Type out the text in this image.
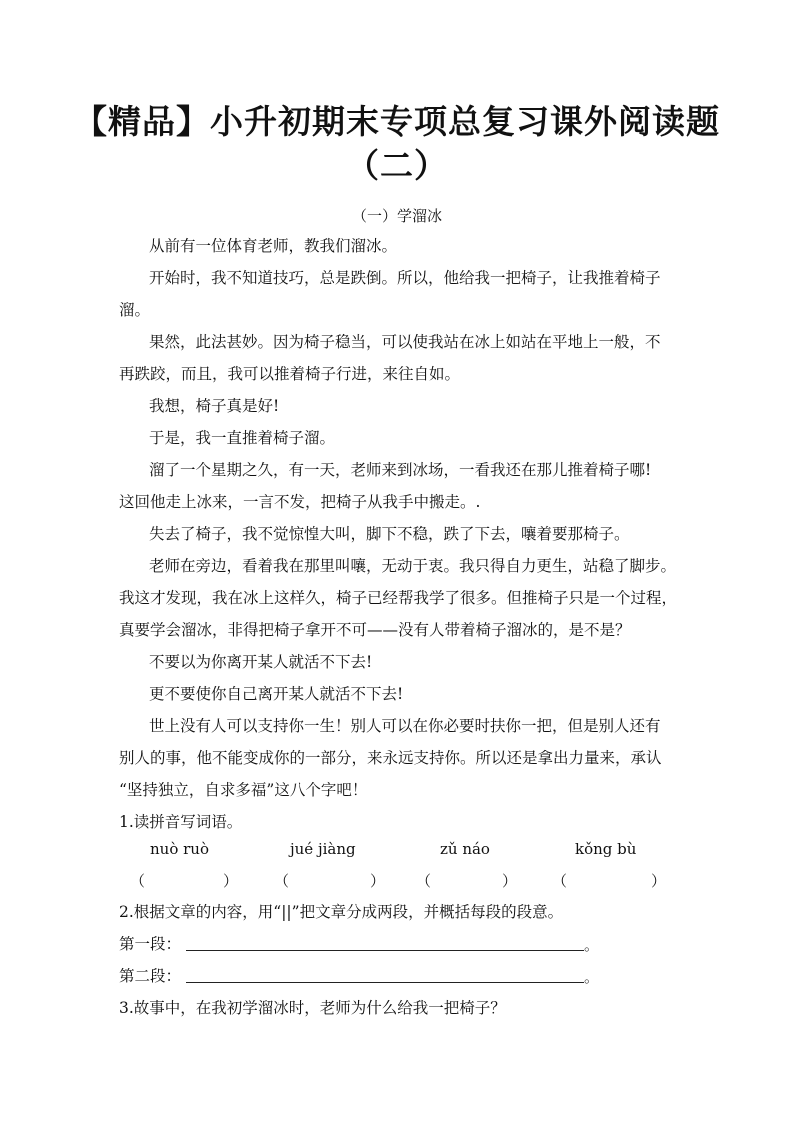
【精品】小升初期末专项总复习课外阅读题
（二）
（一）学溜冰
从前有一位体育老师，教我们溜冰。
开始时，我不知道技巧，总是跌倒。所以，他给我一把椅子，让我推着椅子
溜。
果然，此法甚妙。因为椅子稳当，可以使我站在冰上如站在平地上一般，不
再跌跤，而且，我可以推着椅子行进，来往自如。
我想，椅子真是好!
于是，我一直推着椅子溜。
溜了一个星期之久，有一天，老师来到冰场，一看我还在那儿推着椅子哪!
这回他走上冰来，一言不发，把椅子从我手中搬走。.
失去了椅子，我不觉惊惶大叫，脚下不稳，跌了下去，嚷着要那椅子。
老师在旁边，看着我在那里叫嚷，无动于衷。我只得自力更生，站稳了脚步。
我这才发现，我在冰上这样久，椅子已经帮我学了很多。但推椅子只是一个过程，
真要学会溜冰，非得把椅子拿开不可——没有人带着椅子溜冰的，是不是？
不要以为你离开某人就活不下去!
更不要使你自己离开某人就活不下去!
世上没有人可以支持你一生！别人可以在你必要时扶你一把，但是别人还有
别人的事，他不能变成你的一部分，来永远支持你。所以还是拿出力量来，承认
“坚持独立，自求多福”这八个字吧！
1.读拼音写词语。
nuò ruò	jué jiàng	zǔ náo	kǒng bù
（	） （	） （	） （	）
2.根据文章的内容，用“||”把文章分成两段，并概括每段的段意。
第一段：	。
第二段：	。
3.故事中，在我初学溜冰时，老师为什么给我一把椅子？
